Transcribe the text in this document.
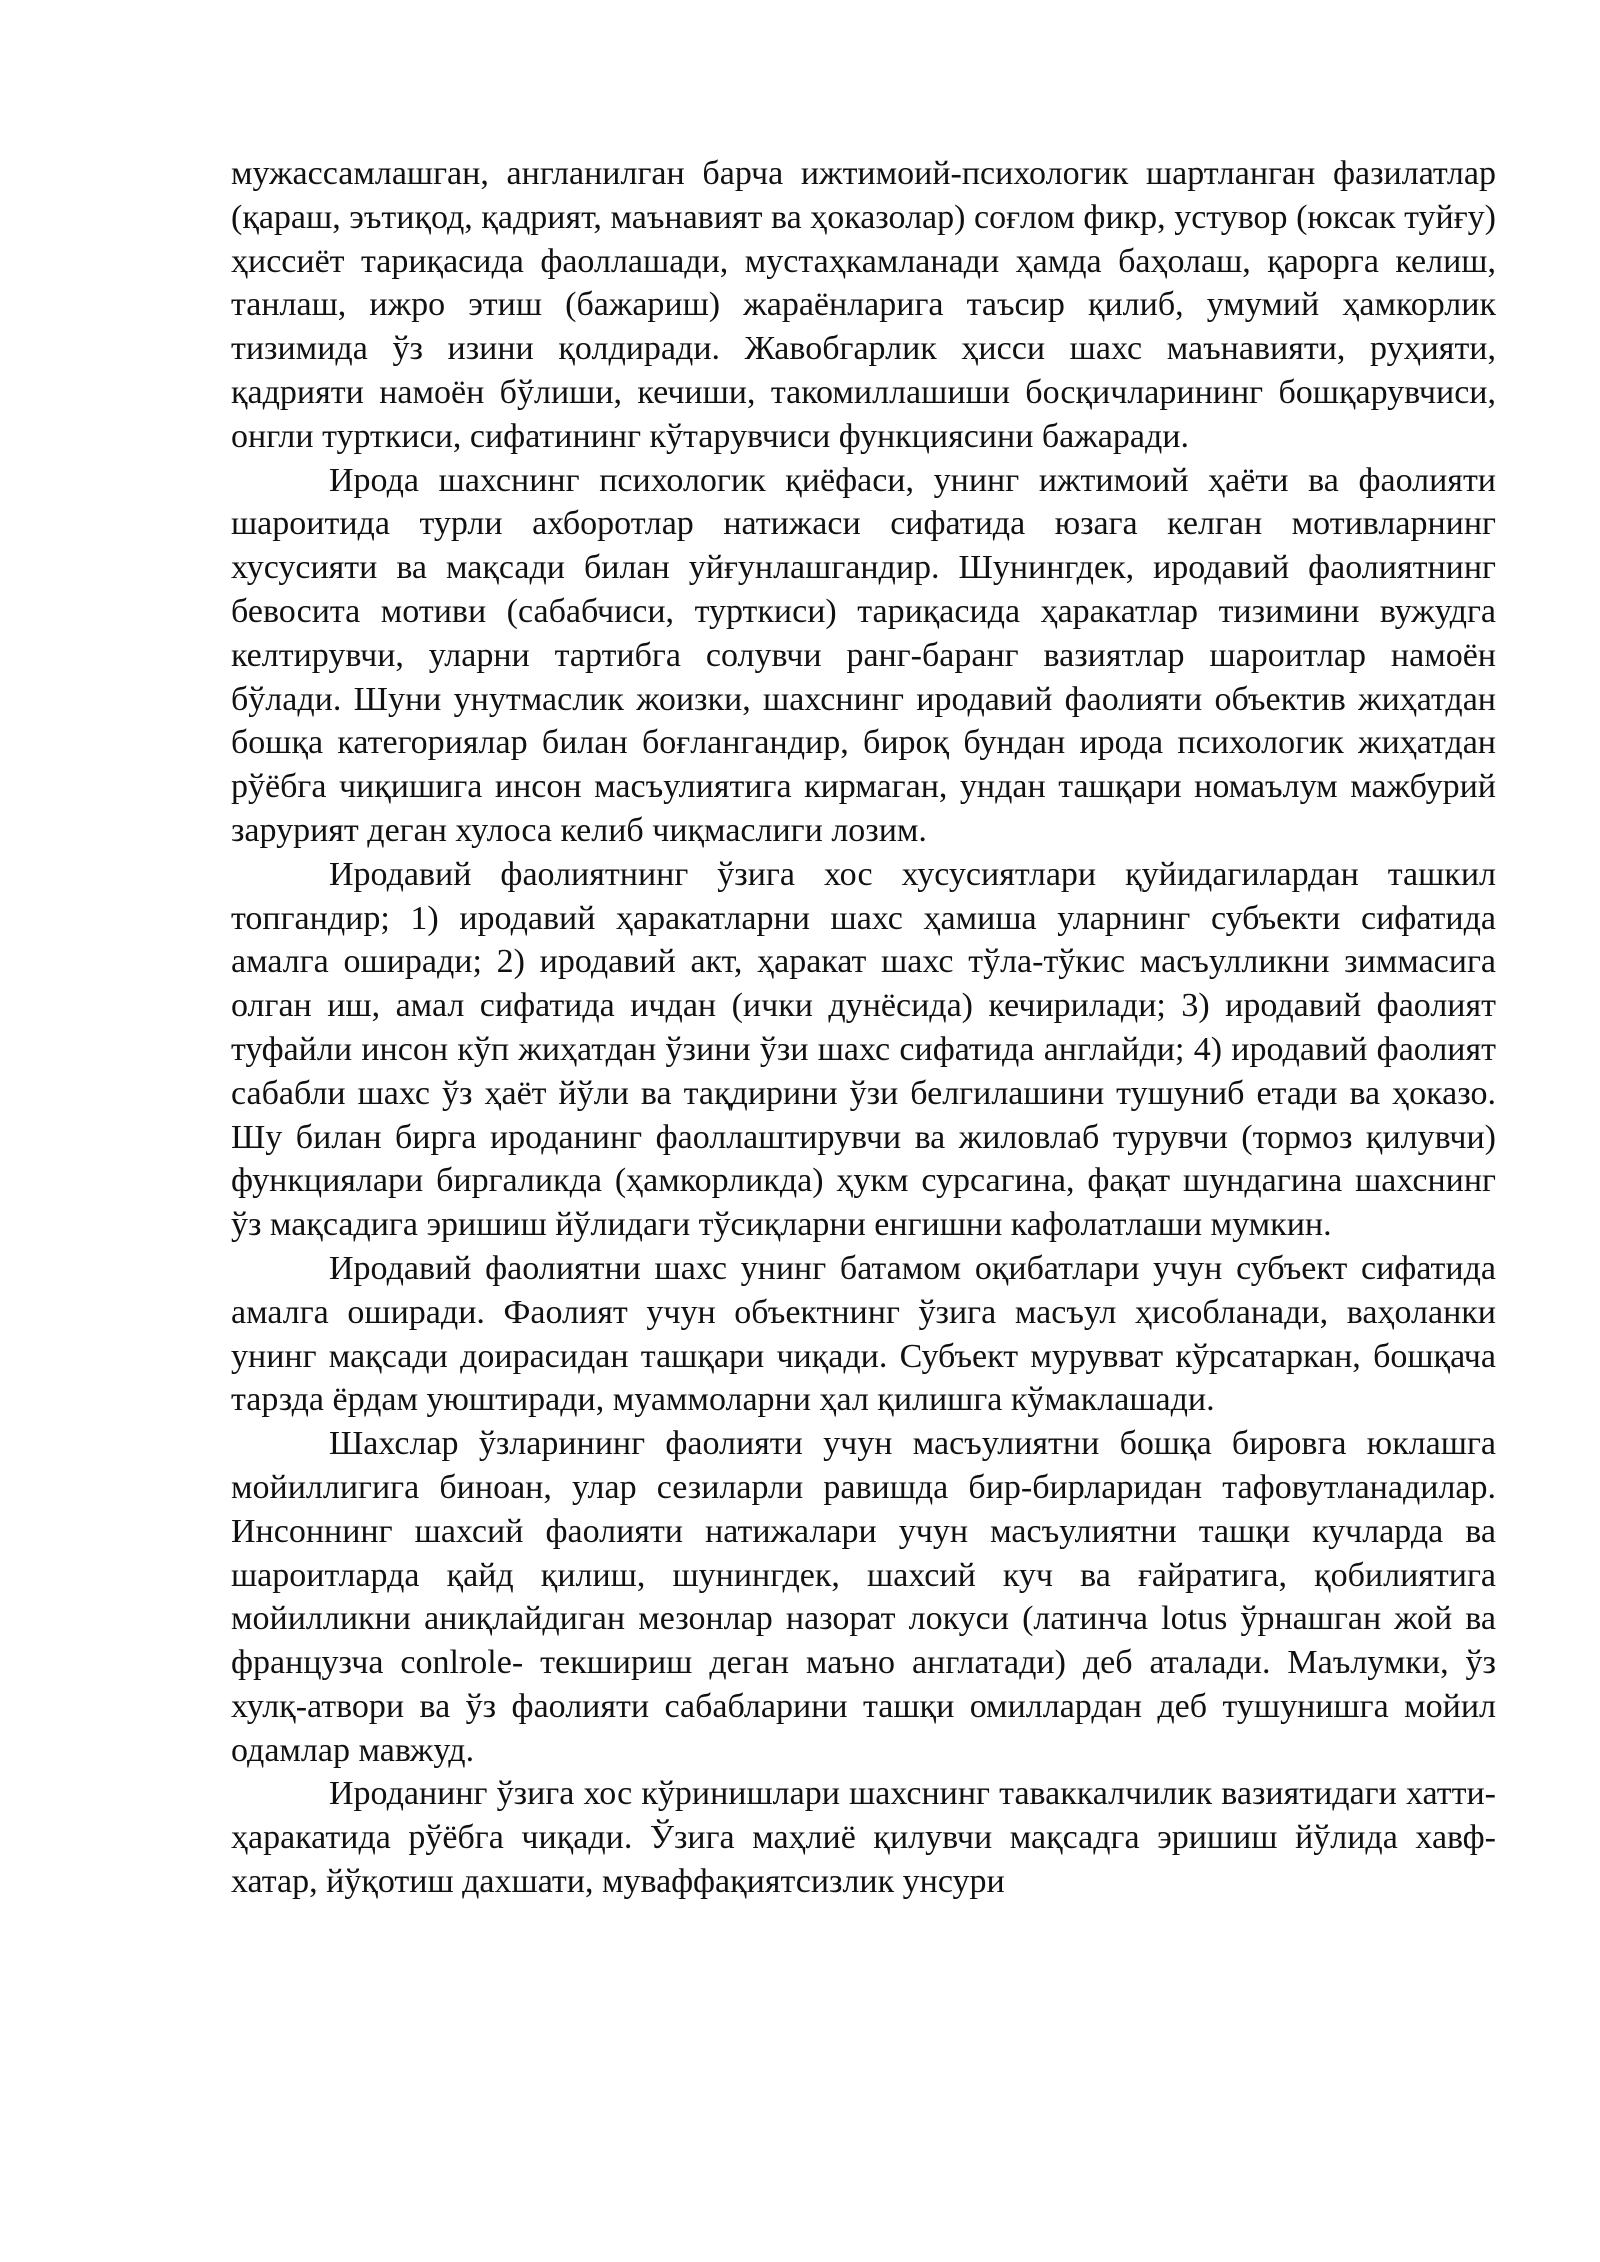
мужассамлашган, англанилган барча ижтимоий-психологик шартланган фазилатлар (қараш, эътиқод, қадрият, маънавият ва ҳоказолар) соғлом фикр, устувор (юксак туйғу) ҳиссиёт тариқасида фаоллашади, мустаҳкамланади ҳамда баҳолаш, қарорга келиш, танлаш, ижро этиш (бажариш) жараёнларига таъсир қилиб, умумий ҳамкорлик тизимида ўз изини қолдиради. Жавобгарлик ҳисси шахс маънавияти, руҳияти, қадрияти намоён бўлиши, кечиши, такомиллашиши босқичларининг бошқарувчиси, онгли турткиси, сифатининг кўтарувчиси функциясини бажаради.

Ирода шахснинг психологик қиёфаси, унинг ижтимоий ҳаёти ва фаолияти шароитида турли ахборотлар натижаси сифатида юзага келган мотивларнинг хусусияти ва мақсади билан уйғунлашгандир. Шунингдек, иродавий фаолиятнинг бевосита мотиви (сабабчиси, турткиси) тариқасида ҳаракатлар тизимини вужудга келтирувчи, уларни тартибга солувчи ранг-баранг вазиятлар шароитлар намоён бўлади. Шуни унутмаслик жоизки, шахснинг иродавий фаолияти объектив жиҳатдан бошқа категориялар билан боғлангандир, бироқ бундан ирода психологик жиҳатдан рўёбга чиқишига инсон масъулиятига кирмаган, ундан ташқари номаълум мажбурий зарурият деган хулоса келиб чиқмаслиги лозим.

Иродавий фаолиятнинг ўзига хос хусусиятлари қуйидагилардан ташкил топгандир; 1) иродавий ҳаракатларни шахс ҳамиша уларнинг субъекти сифатида амалга оширади; 2) иродавий акт, ҳаракат шахс тўла-тўкис масъулликни зиммасига олган иш, амал сифатида ичдан (ички дунёсида) кечирилади; 3) иродавий фаолият туфайли инсон кўп жиҳатдан ўзини ўзи шахс сифатида англайди; 4) иродавий фаолият сабабли шахс ўз ҳаёт йўли ва тақдирини ўзи белгилашини тушуниб етади ва ҳоказо. Шу билан бирга ироданинг фаоллаштирувчи ва жиловлаб турувчи (тормоз қилувчи) функциялари биргаликда (ҳамкорликда) ҳукм сурсагина, фақат шундагина шахснинг ўз мақсадига эришиш йўлидаги тўсиқларни енгишни кафолатлаши мумкин.

Иродавий фаолиятни шахс унинг батамом оқибатлари учун субъект сифатида амалга оширади. Фаолият учун объектнинг ўзига масъул ҳисобланади, ваҳоланки унинг мақсади доирасидан ташқари чиқади. Субъект мурувват кўрсатаркан, бошқача тарзда ёрдам уюштиради, муаммоларни ҳал қилишга кўмаклашади.

Шахслар ўзларининг фаолияти учун масъулиятни бошқа бировга юклашга мойиллигига биноан, улар сезиларли равишда бир-бирларидан тафовутланадилар. Инсоннинг шахсий фаолияти натижалари учун масъулиятни ташқи кучларда ва шароитларда қайд қилиш, шунингдек, шахсий куч ва ғайратига, қобилиятига мойилликни аниқлайдиган мезонлар назорат локуси (латинча lotus ўрнашган жой ва французча conlrole- текшириш деган маъно англатади) деб аталади. Маълумки, ўз хулқ-атвори ва ўз фаолияти сабабларини ташқи омиллардан деб тушунишга мойил одамлар мавжуд.

Ироданинг ўзига хос кўринишлари шахснинг таваккалчилик вазиятидаги хатти-ҳаракатида рўёбга чиқади. Ўзига маҳлиё қилувчи мақсадга эришиш йўлида хавф-хатар, йўқотиш дахшати, муваффақиятсизлик унсури
